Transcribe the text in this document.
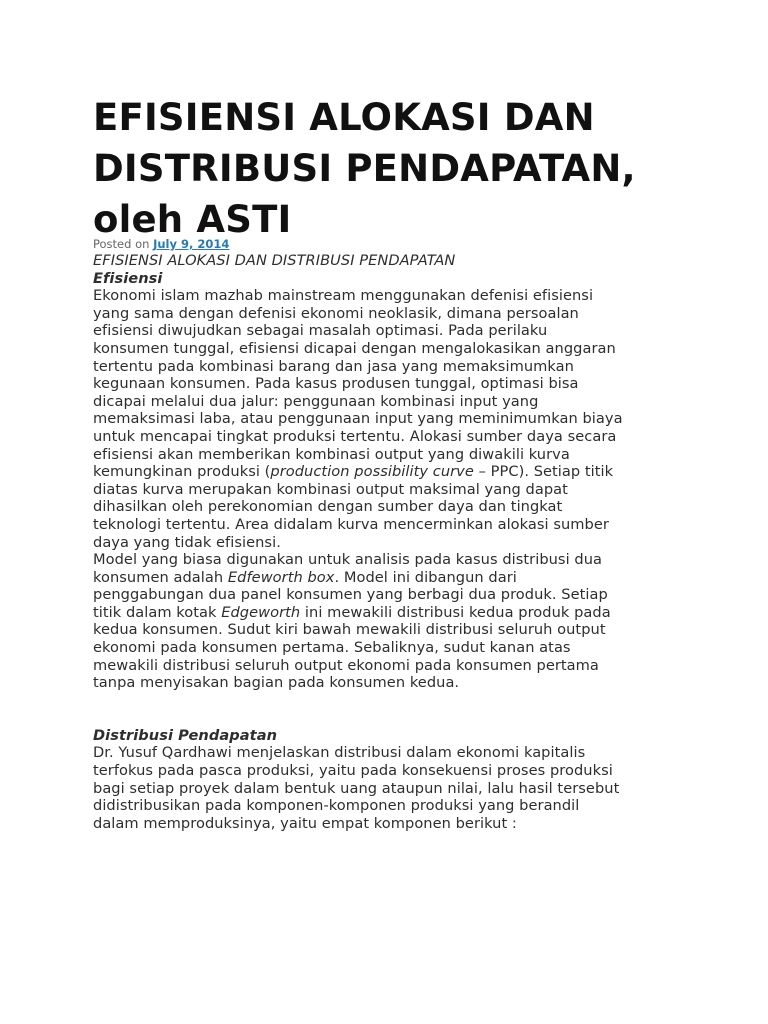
EFISIENSI ALOKASI DAN
DISTRIBUSI PENDAPATAN,
oleh ASTI
Posted on July 9, 2014
EFISIENSI ALOKASI DAN DISTRIBUSI PENDAPATAN
Efisiensi
Ekonomi islam mazhab mainstream menggunakan defenisi efisiensi
yang sama dengan defenisi ekonomi neoklasik, dimana persoalan
efisiensi diwujudkan sebagai masalah optimasi. Pada perilaku
konsumen tunggal, efisiensi dicapai dengan mengalokasikan anggaran
tertentu pada kombinasi barang dan jasa yang memaksimumkan
kegunaan konsumen. Pada kasus produsen tunggal, optimasi bisa
dicapai melalui dua jalur: penggunaan kombinasi input yang
memaksimasi laba, atau penggunaan input yang meminimumkan biaya
untuk mencapai tingkat produksi tertentu. Alokasi sumber daya secara
efisiensi akan memberikan kombinasi output yang diwakili kurva
kemungkinan produksi (production possibility curve – PPC). Setiap titik
diatas kurva merupakan kombinasi output maksimal yang dapat
dihasilkan oleh perekonomian dengan sumber daya dan tingkat
teknologi tertentu. Area didalam kurva mencerminkan alokasi sumber
daya yang tidak efisiensi.
Model yang biasa digunakan untuk analisis pada kasus distribusi dua
konsumen adalah Edfeworth box. Model ini dibangun dari
penggabungan dua panel konsumen yang berbagi dua produk. Setiap
titik dalam kotak Edgeworth ini mewakili distribusi kedua produk pada
kedua konsumen. Sudut kiri bawah mewakili distribusi seluruh output
ekonomi pada konsumen pertama. Sebaliknya, sudut kanan atas
mewakili distribusi seluruh output ekonomi pada konsumen pertama
tanpa menyisakan bagian pada konsumen kedua.
Distribusi Pendapatan
Dr. Yusuf Qardhawi menjelaskan distribusi dalam ekonomi kapitalis
terfokus pada pasca produksi, yaitu pada konsekuensi proses produksi
bagi setiap proyek dalam bentuk uang ataupun nilai, lalu hasil tersebut
didistribusikan pada komponen-komponen produksi yang berandil
dalam memproduksinya, yaitu empat komponen berikut :
